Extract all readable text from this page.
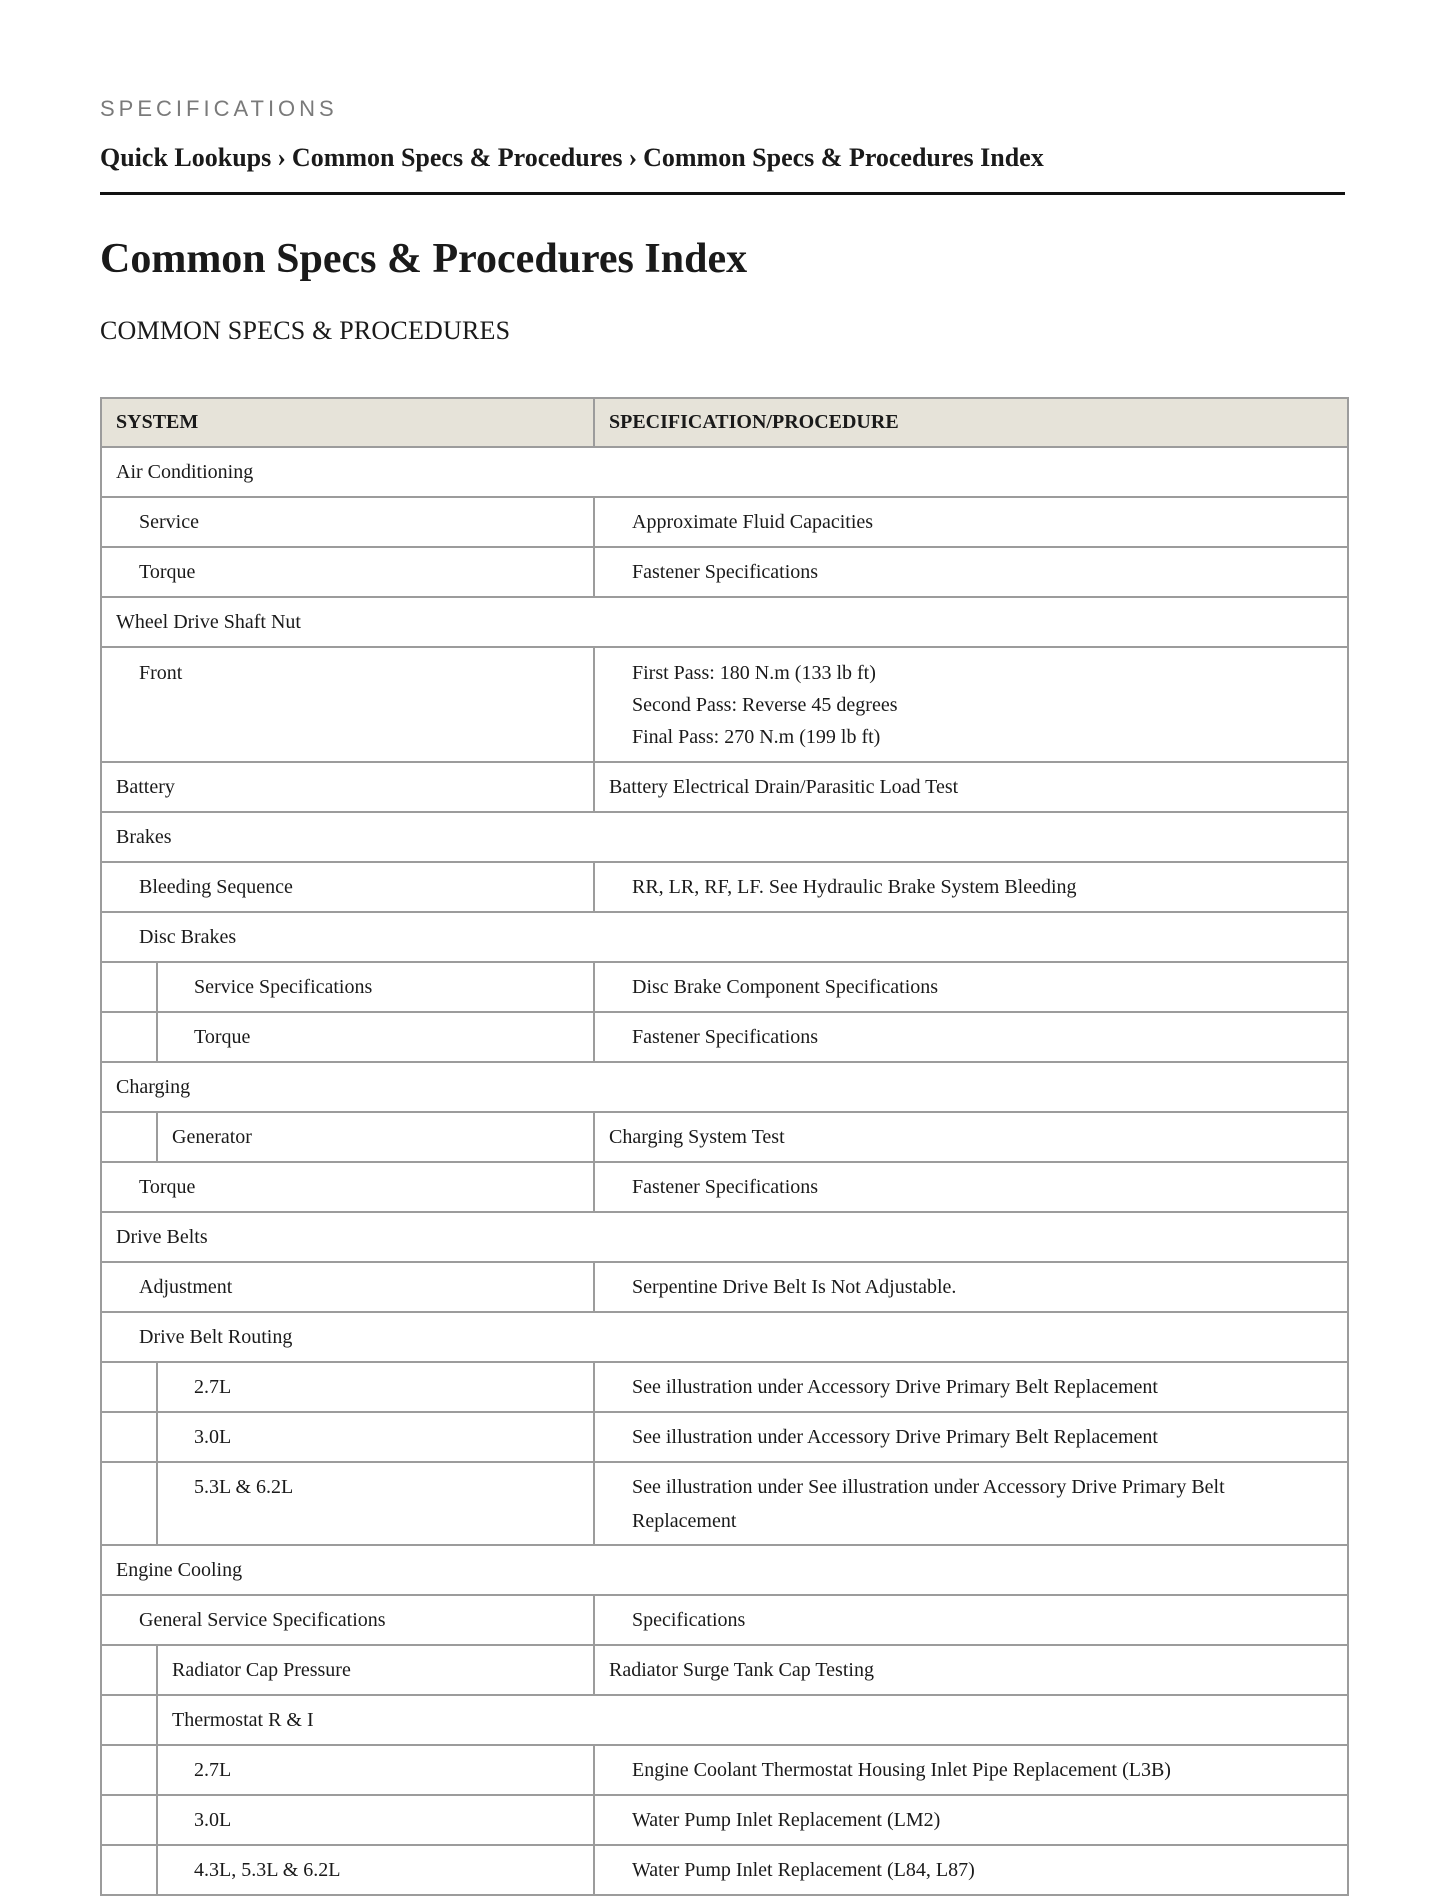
SPECIFICATIONS
Quick Lookups › Common Specs & Procedures › Common Specs & Procedures Index
Common Specs & Procedures Index
COMMON SPECS & PROCEDURES
SYSTEM		SPECIFICATION/PROCEDURE

Air Conditioning		

Service		Approximate Fluid Capacities

Torque		Fastener Specifications

Wheel Drive Shaft Nut		

Front		First Pass: 180 N.m (133 lb ft)
Second Pass: Reverse 45 degrees
Final Pass: 270 N.m (199 lb ft)

Battery		Battery Electrical Drain/Parasitic Load Test

Brakes		

Bleeding Sequence		RR, LR, RF, LF. See Hydraulic Brake System Bleeding

Disc Brakes		

	Service Specifications	Disc Brake Component Specifications

	Torque	Fastener Specifications

Charging		

	Generator	Charging System Test

Torque		Fastener Specifications

Drive Belts		

Adjustment		Serpentine Drive Belt Is Not Adjustable.

Drive Belt Routing		

	2.7L	See illustration under Accessory Drive Primary Belt Replacement

	3.0L	See illustration under Accessory Drive Primary Belt Replacement

	5.3L & 6.2L	See illustration under See illustration under Accessory Drive Primary Belt Replacement

Engine Cooling		

General Service Specifications		Specifications

	Radiator Cap Pressure	Radiator Surge Tank Cap Testing

	Thermostat R & I	

	2.7L	Engine Coolant Thermostat Housing Inlet Pipe Replacement (L3B)

	3.0L	Water Pump Inlet Replacement (LM2)

	4.3L, 5.3L & 6.2L	Water Pump Inlet Replacement (L84, L87)
